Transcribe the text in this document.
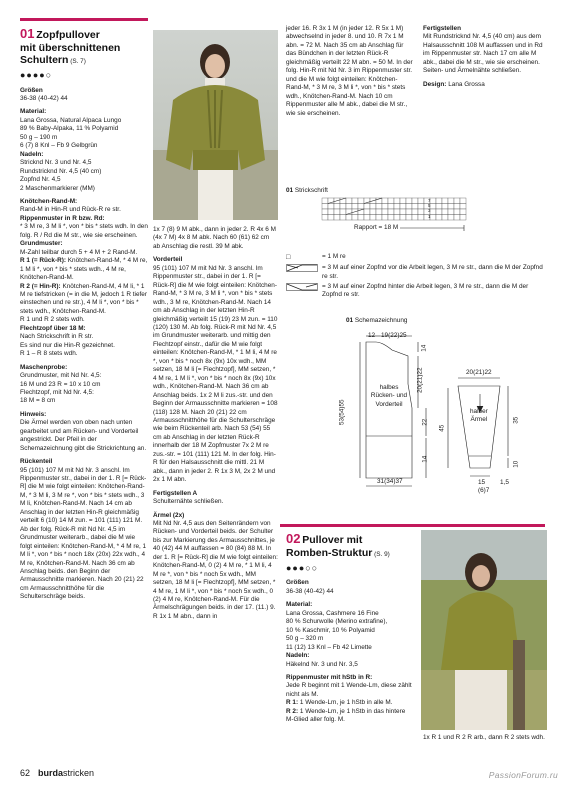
01 Zopfpullover
mit überschnittenen
Schultern (S. 7)
●●●●○

Größen

36-38 (40-42) 44

Material:

Lana Grossa, Natural Alpaca Lungo

89 % Baby-Alpaka, 11 % Polyamid

50 g – 190 m

6 (7) 8 Knl – Fb 9 Gelbgrün

Nadeln:

Stricknd Nr. 3 und Nr. 4,5

Rundstricknd Nr. 4,5 (40 cm)

Zopfnd Nr. 4,5

2 Maschenmarkierer (MM)

Knötchen-Rand-M:

Rand-M in Hin-R und Rück-R re str.

Rippenmuster in R bzw. Rd:

* 3 M re, 3 M li *, von * bis * stets wdh. In den folg. R / Rd die M str., wie sie erscheinen.

Grundmuster:

M-Zahl teilbar durch 5 + 4 M + 2 Rand-M.

R 1 (= Rück-R): Knötchen-Rand-M, * 4 M re, 1 M li *, von * bis * stets wdh., 4 M re, Knötchen-Rand-M.

R 2 (= Hin-R): Knötchen-Rand-M, 4 M li, * 1 M re tiefstricken (= in die M, jedoch 1 R tiefer einstechen und re str.), 4 M li *, von * bis * stets wdh., Knötchen-Rand-M.

R 1 und R 2 stets wdh.

Flechtzopf über 18 M:

Nach Strickschrift in R str.

Es sind nur die Hin-R gezeichnet.

R 1 – R 8 stets wdh.

Maschenprobe:

Grundmuster, mit Nd Nr. 4,5:

16 M und 23 R = 10 x 10 cm

Flechtzopf, mit Nd Nr. 4,5:

18 M = 8 cm

Hinweis:

Die Ärmel werden von oben nach unten gearbeitet und am Rücken- und Vorderteil angestrickt. Der Pfeil in der Schemazeichnung gibt die Strickrichtung an.

Rückenteil

95 (101) 107 M mit Nd Nr. 3 anschl. Im Rippenmuster str., dabei in der 1. R [= Rück-R] die M wie folgt einteilen: Knötchen-Rand-M, * 3 M li, 3 M re *, von * bis * stets wdh., 3 M li, Knötchen-Rand-M. Nach 14 cm ab Anschlag in der letzten Hin-R gleichmäßig verteilt 6 (10) 14 M zun. = 101 (111) 121 M. Ab der folg. Rück-R mit Nd Nr. 4,5 im Grundmuster weiterarb., dabei die M wie folgt einteilen: Knötchen-Rand-M, * 4 M re, 1 M li *, von * bis * noch 18x (20x) 22x wdh., 4 M re, Knötchen-Rand-M. Nach 36 cm ab Anschlag beids. den Beginn der Armausschnitte markieren. Nach 20 (21) 22 cm Armausschnitthöhe für die Schulterschräge beids.

1x 7 (8) 9 M abk., dann in jeder 2. R 4x 6 M (4x 7 M) 4x 8 M abk. Nach 60 (61) 62 cm ab Anschlag die restl. 39 M abk.

Vorderteil

95 (101) 107 M mit Nd Nr. 3 anschl. Im Rippenmuster str., dabei in der 1. R [= Rück-R] die M wie folgt einteilen: Knötchen-Rand-M, * 3 M re, 3 M li *, von * bis * stets wdh., 3 M re, Knötchen-Rand-M. Nach 14 cm ab Anschlag in der letzten Hin-R gleichmäßig verteilt 15 (19) 23 M zun. = 110 (120) 130 M. Ab folg. Rück-R mit Nd Nr. 4,5 im Grundmuster weiterarb. und mittig den Flechtzopf einstr., dafür die M wie folgt einteilen: Knötchen-Rand-M, * 1 M li, 4 M re *, von * bis * noch 8x (9x) 10x wdh., MM setzen, 18 M li [= Flechtzopf], MM setzen, * 4 M re, 1 M li *, von * bis * noch 8x (9x) 10x wdh., Knötchen-Rand-M. Nach 36 cm ab Anschlag beids. 1x 2 M li zus.-str. und den Beginn der Armausschnitte markieren = 108 (118) 128 M. Nach 20 (21) 22 cm Armausschnitthöhe für die Schulterschräge wie beim Rückenteil arb. Nach 53 (54) 55 cm ab Anschlag in der letzten Rück-R innerhalb der 18 M Zopfmuster 7x 2 M re zus.-str. = 101 (111) 121 M. In der folg. Hin-R für den Halsausschnitt die mittl. 21 M abk., dann in jeder 2. R 1x 3 M, 2x 2 M und 2x 1 M abn.

Fertigstellen A

Schulternähte schließen.

Ärmel (2x)

Mit Nd Nr. 4,5 aus den Seitenrändern von Rücken- und Vorderteil beids. der Schulter bis zur Markierung des Armausschnittes, je 40 (42) 44 M auffassen = 80 (84) 88 M. In der 1. R [= Rück-R] die M wie folgt einteilen: Knötchen-Rand-M, 0 (2) 4 M re, * 1 M li, 4 M re *, von * bis * noch 5x wdh., MM setzen, 18 M li [= Flechtzopf], MM setzen, * 4 M re, 1 M li *, von * bis * noch 5x wdh., 0 (2) 4 M re, Knötchen-Rand-M. Für die Ärmelschrägungen beids. in der 17. (11.) 9. R 1x 1 M abn., dann in

jeder 16. R 3x 1 M (in jeder 12. R 5x 1 M) abwechselnd in jeder 8. und 10. R 7x 1 M abn. = 72 M. Nach 35 cm ab Anschlag für das Bündchen in der letzten Rück-R gleichmäßig verteilt 22 M abn. = 50 M. In der folg. Hin-R mit Nd Nr. 3 im Rippenmuster str. und die M wie folgt einteilen: Knötchen-Rand-M, * 3 M re, 3 M li *, von * bis * stets wdh., Knötchen-Rand-M. Nach 10 cm Rippenmuster alle M abk., dabei die M str., wie sie erscheinen.

Fertigstellen

Mit Rundstricknd Nr. 4,5 (40 cm) aus dem Halsausschnitt 108 M auffassen und in Rd im Rippenmuster str. Nach 17 cm alle M abk., dabei die M str., wie sie erscheinen. Seiten- und Ärmelnähte schließen.

Design: Lana Grossa

01 Strickschrift
Rapport = 18 M
7
5
3
1
□	= 1 M re
= 3 M auf einer Zopfnd vor die Arbeit legen, 3 M re str., dann die M der Zopfnd re str.
= 3 M auf einer Zopfnd hinter die Arbeit legen, 3 M re str., dann die M der Zopfnd re str.
01 Schemazeichnung
12 19(22)25
14
53(54)55
20(21)22
22
14
halbes
Rücken- und
Vorderteil
31(34)37
20(21)22
halber
Ärmel
45
35
10
15 1,5
(6)7
02 Pullover mit
Romben-Struktur (S. 9)
●●●○○

Größen

36-38 (40-42) 44

Material:

Lana Grossa, Cashmere 16 Fine

80 % Schurwolle (Merino extrafine),

10 % Kaschmir, 10 % Polyamid

50 g – 320 m

11 (12) 13 Knl – Fb 42 Limette

Nadeln:

Häkelnd Nr. 3 und Nr. 3,5

Rippenmuster mit hStb in R:

Jede R beginnt mit 1 Wende-Lm, diese zählt nicht als M.

R 1: 1 Wende-Lm, je 1 hStb in alle M.

R 2: 1 Wende-Lm, je 1 hStb in das hintere M-Glied aller folg. M.

1x R 1 und R 2 R arb., dann R 2 stets wdh.
62 burdastricken	PassionForum.ru
